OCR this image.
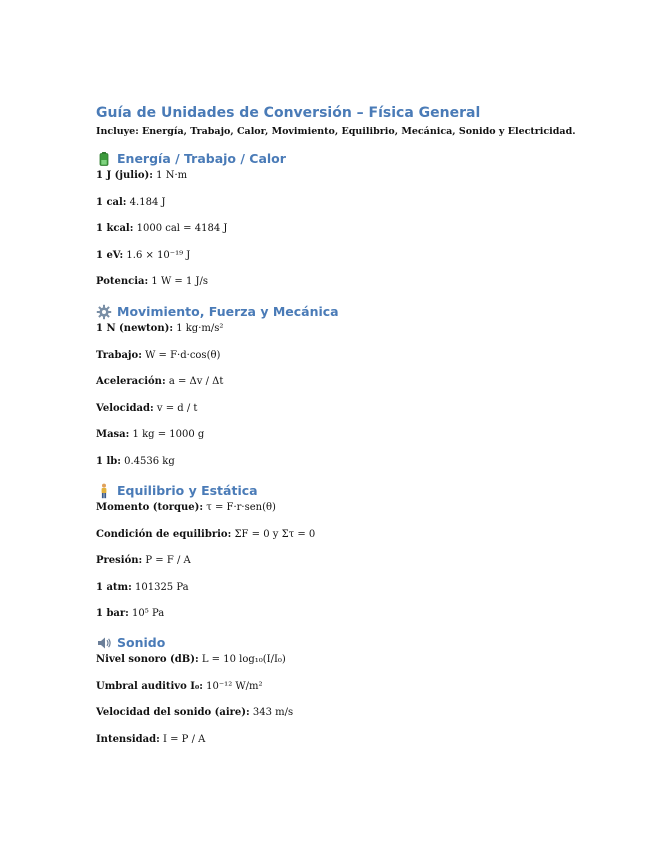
Guía de Unidades de Conversión – Física General

Incluye: Energía, Trabajo, Calor, Movimiento, Equilibrio, Mecánica, Sonido y Electricidad.

Energía / Trabajo / Calor

1 J (julio): 1 N·m

1 cal: 4.184 J

1 kcal: 1000 cal = 4184 J

1 eV: 1.6 × 10⁻¹⁹ J

Potencia: 1 W = 1 J/s

Movimiento, Fuerza y Mecánica

1 N (newton): 1 kg·m/s²

Trabajo: W = F·d·cos(θ)

Aceleración: a = Δv / Δt

Velocidad: v = d / t

Masa: 1 kg = 1000 g

1 lb: 0.4536 kg

Equilibrio y Estática

Momento (torque): τ = F·r·sen(θ)

Condición de equilibrio: ΣF = 0 y Στ = 0

Presión: P = F / A

1 atm: 101325 Pa

1 bar: 10⁵ Pa

Sonido

Nivel sonoro (dB): L = 10 log₁₀(I/I₀)

Umbral auditivo I₀: 10⁻¹² W/m²

Velocidad del sonido (aire): 343 m/s

Intensidad: I = P / A
